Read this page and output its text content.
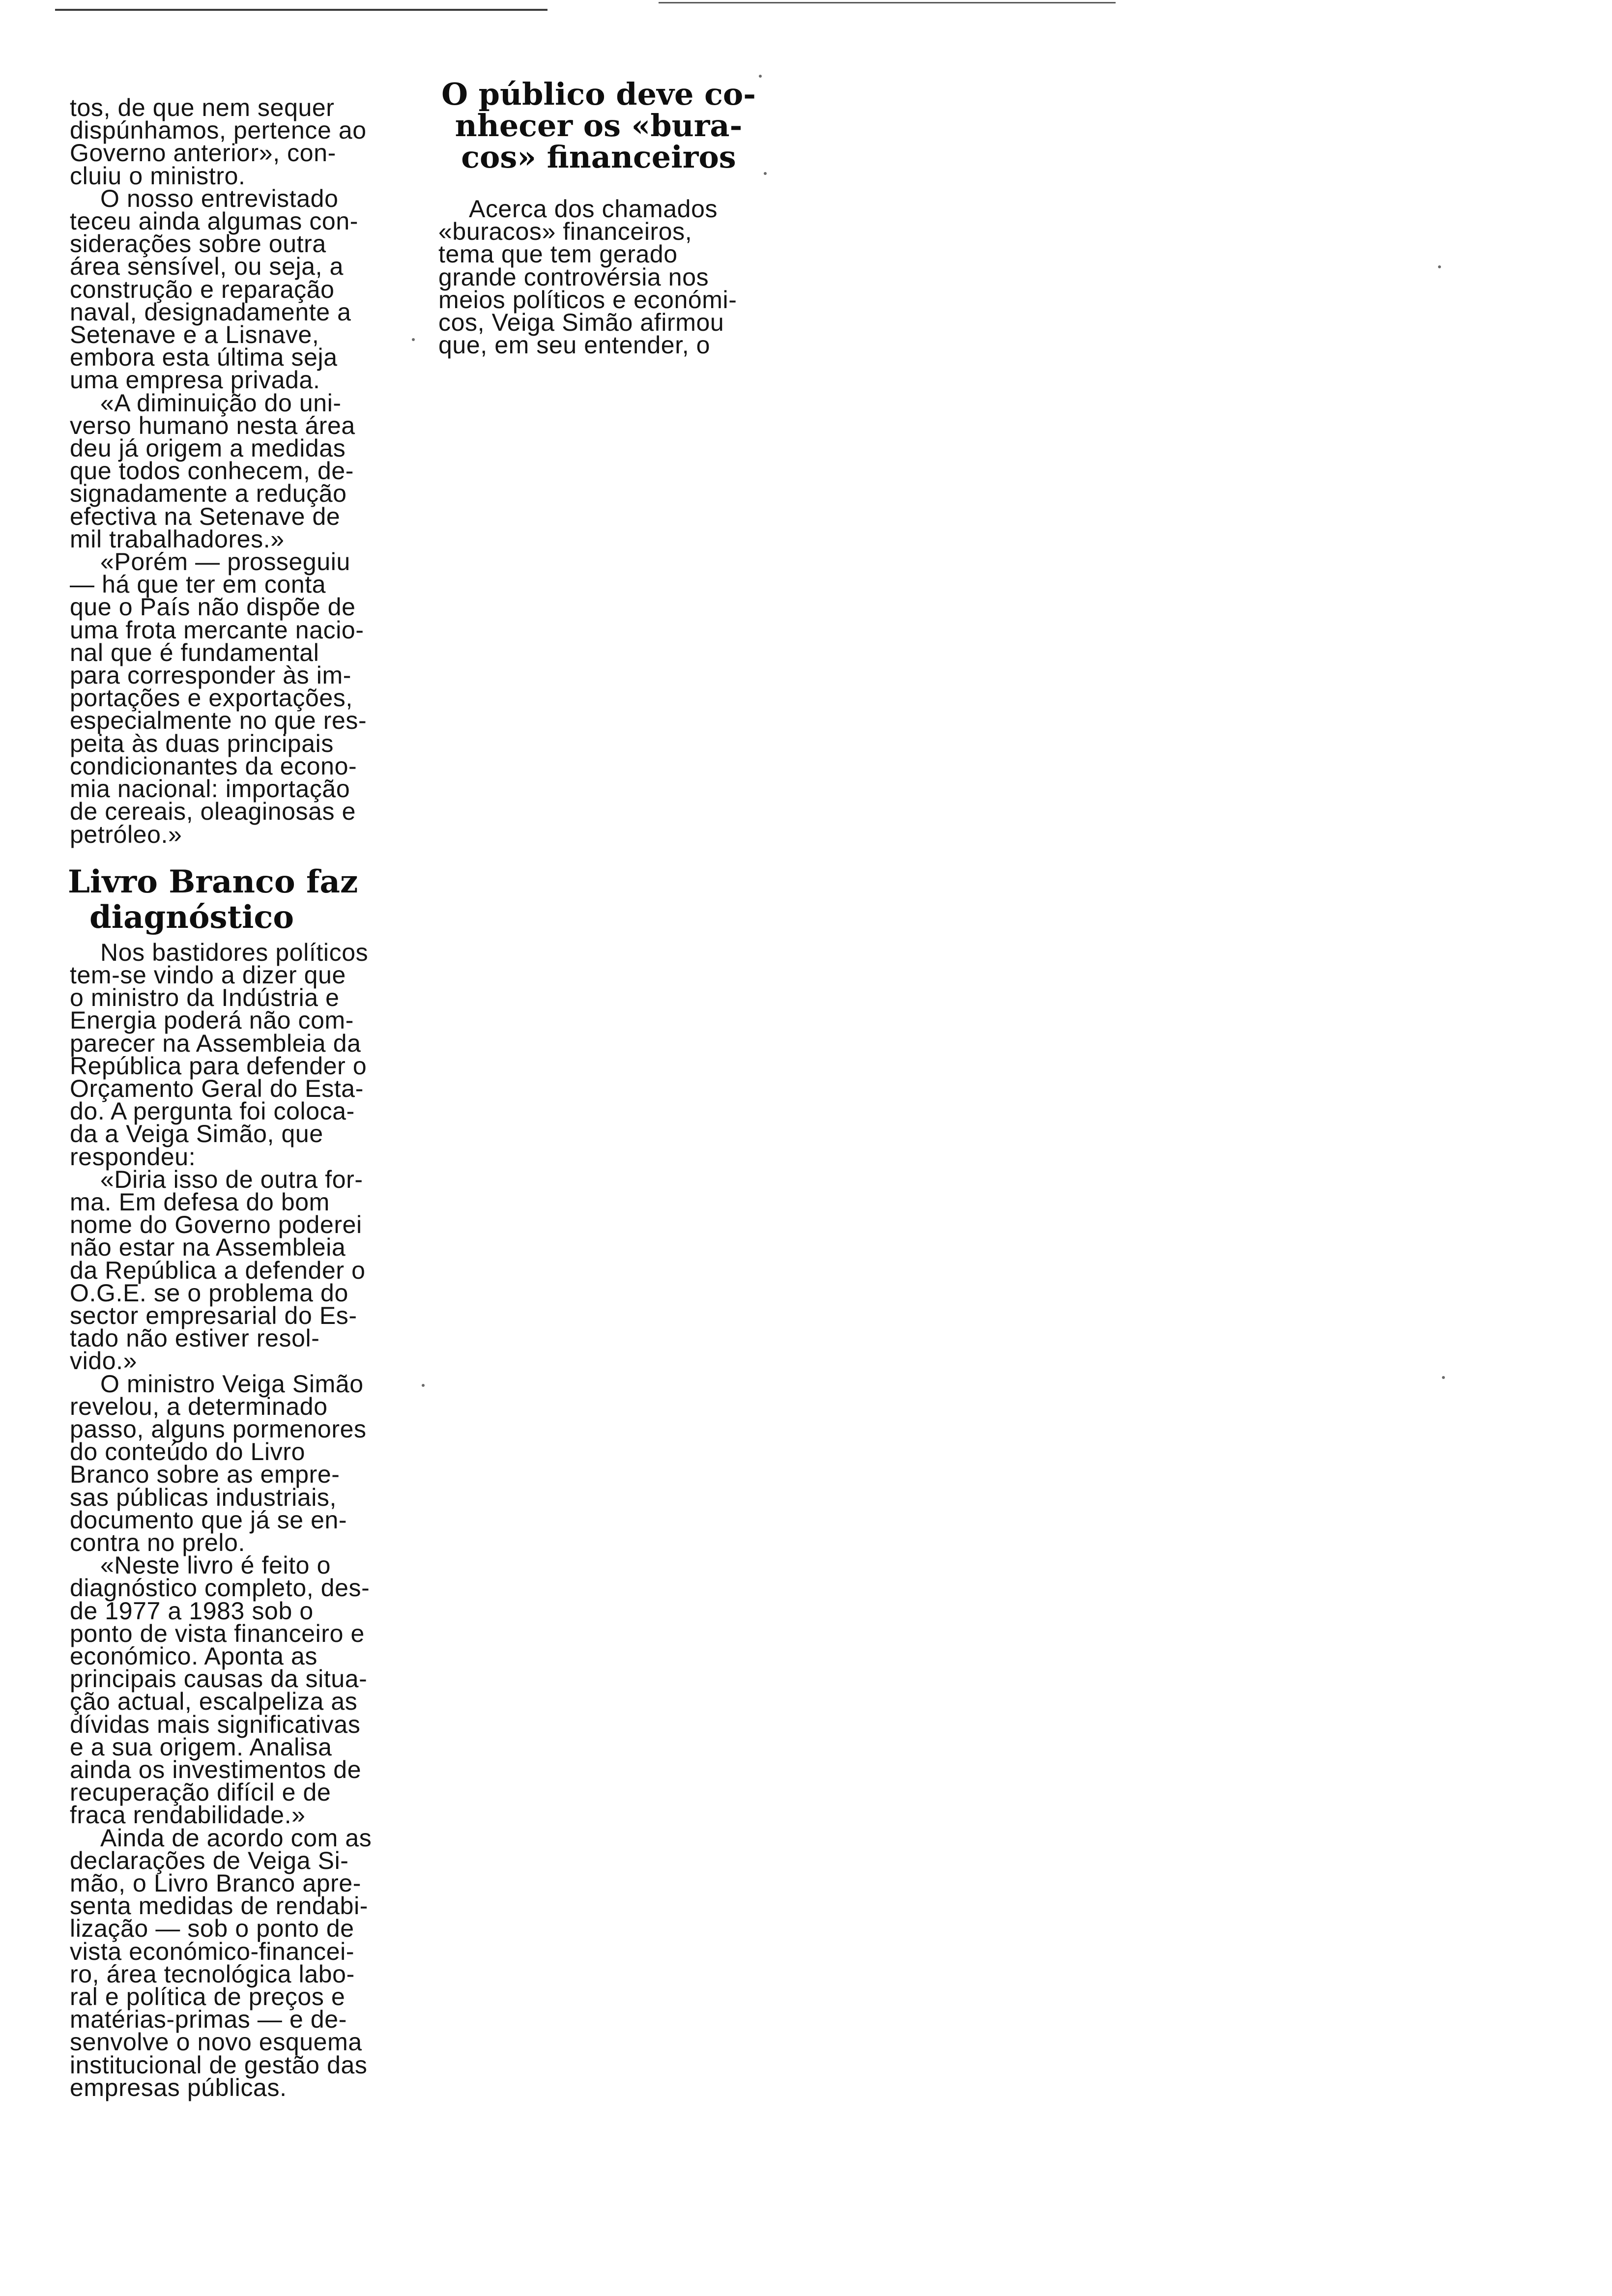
tos, de que nem sequer
dispúnhamos, pertence ao
Governo anterior», con-
cluiu o ministro.

O nosso entrevistado
teceu ainda algumas con-
siderações sobre outra
área sensível, ou seja, a
construção e reparação
naval, designadamente a
Setenave e a Lisnave,
embora esta última seja
uma empresa privada.

«A diminuição do uni-
verso humano nesta área
deu já origem a medidas
que todos conhecem, de-
signadamente a redução
efectiva na Setenave de
mil trabalhadores.»

«Porém — prosseguiu
— há que ter em conta
que o País não dispõe de
uma frota mercante nacio-
nal que é fundamental
para corresponder às im-
portações e exportações,
especialmente no que res-
peita às duas principais
condicionantes da econo-
mia nacional: importação
de cereais, oleaginosas e
petróleo.»

Livro Branco faz
diagnóstico

Nos bastidores políticos
tem-se vindo a dizer que
o ministro da Indústria e
Energia poderá não com-
parecer na Assembleia da
República para defender o
Orçamento Geral do Esta-
do. A pergunta foi coloca-
da a Veiga Simão, que
respondeu:

«Diria isso de outra for-
ma. Em defesa do bom
nome do Governo poderei
não estar na Assembleia
da República a defender o
O.G.E. se o problema do
sector empresarial do Es-
tado não estiver resol-
vido.»

O ministro Veiga Simão
revelou, a determinado
passo, alguns pormenores
do conteúdo do Livro
Branco sobre as empre-
sas públicas industriais,
documento que já se en-
contra no prelo.

«Neste livro é feito o
diagnóstico completo, des-
de 1977 a 1983 sob o
ponto de vista financeiro e
económico. Aponta as
principais causas da situa-
ção actual, escalpeliza as
dívidas mais significativas
e a sua origem. Analisa
ainda os investimentos de
recuperação difícil e de
fraca rendabilidade.»

Ainda de acordo com as
declarações de Veiga Si-
mão, o Livro Branco apre-
senta medidas de rendabi-
lização — sob o ponto de
vista económico-financei-
ro, área tecnológica labo-
ral e política de preços e
matérias-primas — e de-
senvolve o novo esquema
institucional de gestão das
empresas públicas.

O público deve co-
nhecer os «bura-
cos» financeiros

Acerca dos chamados
«buracos» financeiros,
tema que tem gerado
grande controvérsia nos
meios políticos e económi-
cos, Veiga Simão afirmou
que, em seu entender, o
